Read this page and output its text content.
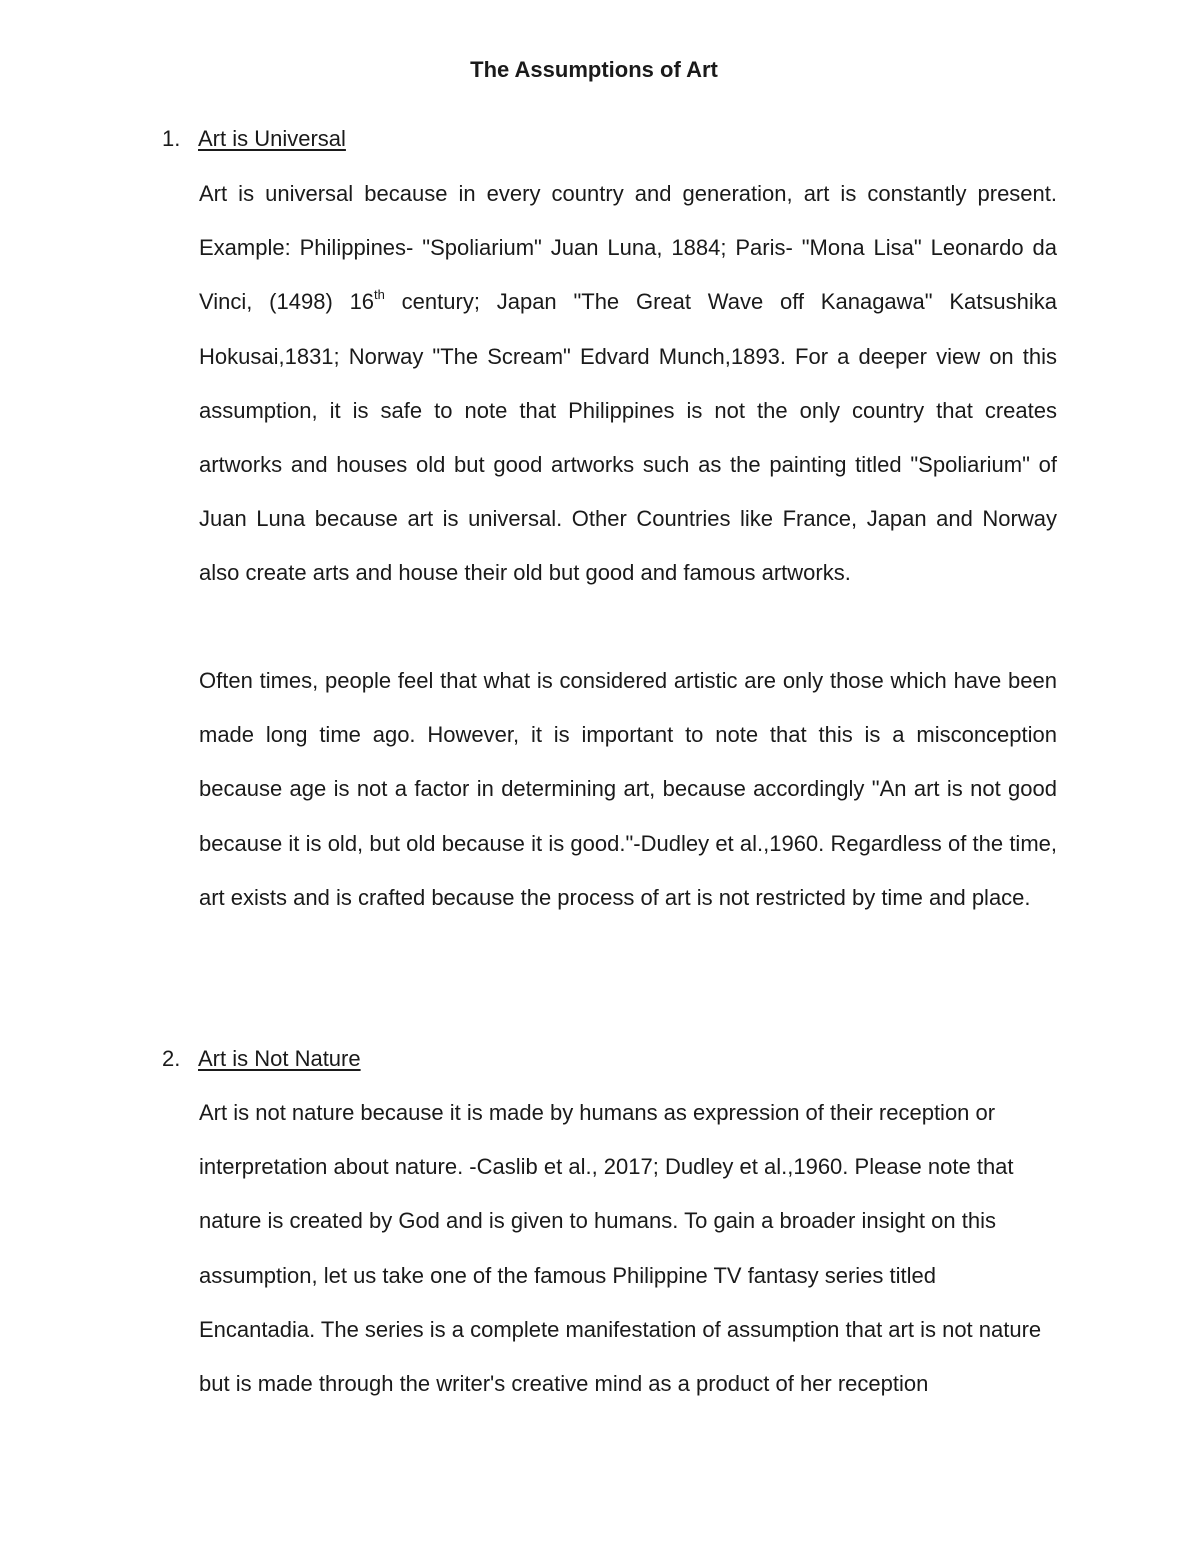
The Assumptions of Art
1. Art is Universal

Art is universal because in every country and generation, art is constantly present. Example: Philippines- "Spoliarium" Juan Luna, 1884; Paris- "Mona Lisa" Leonardo da Vinci, (1498) 16th century; Japan "The Great Wave off Kanagawa" Katsushika Hokusai,1831; Norway "The Scream" Edvard Munch,1893. For a deeper view on this assumption, it is safe to note that Philippines is not the only country that creates artworks and houses old but good artworks such as the painting titled "Spoliarium" of Juan Luna because art is universal. Other Countries like France, Japan and Norway also create arts and house their old but good and famous artworks.

Often times, people feel that what is considered artistic are only those which have been made long time ago. However, it is important to note that this is a misconception because age is not a factor in determining art, because accordingly "An art is not good because it is old, but old because it is good."-Dudley et al.,1960. Regardless of the time, art exists and is crafted because the process of art is not restricted by time and place.

2. Art is Not Nature

Art is not nature because it is made by humans as expression of their reception or interpretation about nature. -Caslib et al., 2017; Dudley et al.,1960. Please note that nature is created by God and is given to humans. To gain a broader insight on this assumption, let us take one of the famous Philippine TV fantasy series titled Encantadia. The series is a complete manifestation of assumption that art is not nature but is made through the writer's creative mind as a product of her reception
